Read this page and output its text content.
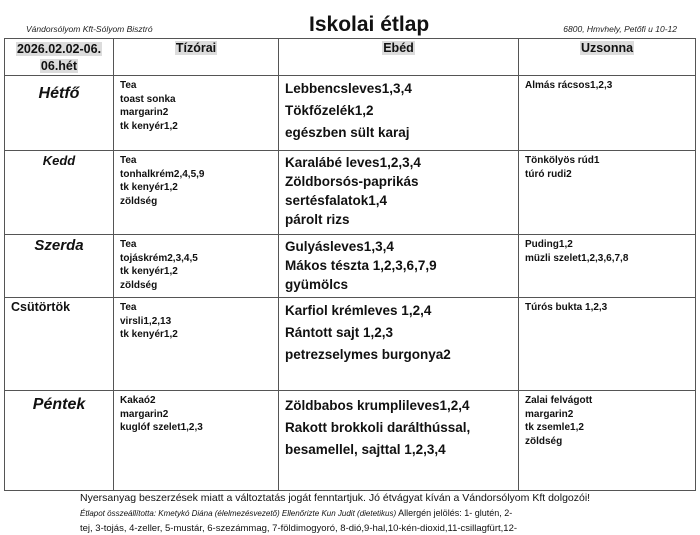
Vándorsólyom Kft-Sólyom Bisztró	Iskolai étlap	6800, Hmvhely, Petőfi u 10-12
2026.02.02-06.
06.hét	Tízórai	Ebéd	Uzsonna
Hétfő	Tea
toast sonka
margarin2
tk kenyér1,2	Lebbencsleves1,3,4
Tökfőzelék1,2
egészben sült karaj	Almás rácsos1,2,3

Kedd	Tea
tonhalkrém2,4,5,9
tk kenyér1,2
zöldség	Karalábé leves1,2,3,4
Zöldborsós-paprikás
sertésfalatok1,4
párolt rizs	Tönkölyös rúd1
túró rudi2

Szerda	Tea
tojáskrém2,3,4,5
tk kenyér1,2
zöldség	Gulyásleves1,3,4
Mákos tészta 1,2,3,6,7,9
gyümölcs	Puding1,2
müzli szelet1,2,3,6,7,8

Csütörtök	Tea
virsli1,2,13
tk kenyér1,2	Karfiol krémleves 1,2,4
Rántott sajt 1,2,3
petrezselymes burgonya2	Túrós bukta 1,2,3

Péntek	Kakaó2
margarin2
kuglóf szelet1,2,3	Zöldbabos krumplileves1,2,4
Rakott brokkoli darálthússal,
besamellel, sajttal 1,2,3,4	Zalai felvágott
margarin2
tk zsemle1,2
zöldség
Nyersanyag beszerzések miatt a változtatás jogát fenntartjuk. Jó étvágyat kíván a Vándorsólyom Kft dolgozói!
Étlapot összeállította: Kmetykó Diána (élelmezésvezető) Ellenőrizte Kun Judit (dietetikus) Allergén jelölés: 1- glutén, 2-
tej, 3-tojás, 4-zeller, 5-mustár, 6-szezámmag, 7-földimogyoró, 8-dió,9-hal,10-kén-dioxid,11-csillagfürt,12-
